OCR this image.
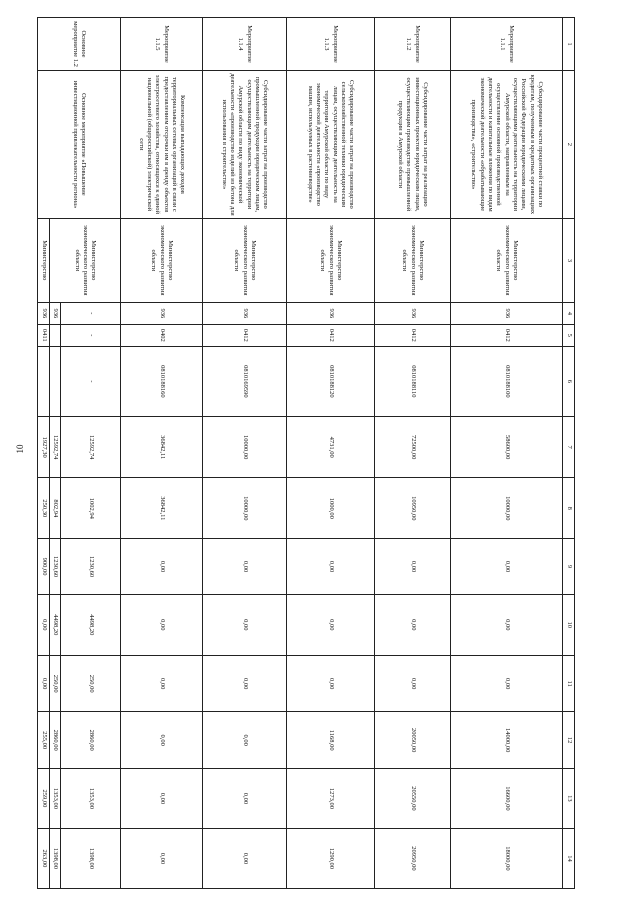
10
1	2	3	4	5	6	7	8	9	10	11	12	13	14
Мероприятие 1.1.1	Субсидирование части процентной ставки по кредитам, полученным в кредитных организациях Российской Федерации юридическими лицами, осуществляющими деятельность на территории Амурской области, направленным на осуществление основной производственной деятельности и капитальные вложения по видам экономической деятельности «обрабатывающие производства», «строительство»	Министерство экономического развития области	936	0412	0810188100	58600,00	10000,00	0,00	0,00	0,00	14000,00	16600,00	18000,00
Мероприятие 1.1.2	Субсидирование части затрат на реализацию инвестиционных проектов юридическим лицам, осуществляющим производство промышленной продукции в Амурской области	Министерство экономического развития области	936	0412	0810188110	72500,00	10950,00	0,00	0,00	0,00	20050,00	20550,00	20950,00
Мероприятие 1.1.3	Субсидирование части затрат на производство сельскохозяйственной техники юридическим лицам, осуществляющим деятельность на территории Амурской области по виду экономической деятельности «производство машин, используемых в растениеводстве»	Министерство экономического развития области	936	0412	0810188120	4731,00	1000,00	0,00	0,00	0,00	1168,00	1273,00	1290,00
Мероприятие 1.1.4	Субсидирование части затрат на производство промышленной продукции юридическим лицам, осуществляющим деятельность на территории Амурской области по виду экономической деятельности «производство изделий из бетона для использования в строительстве»	Министерство экономического развития области	936	0412	0810169590	10000,00	10000,00	0,00	0,00	0,00	0,00	0,00	0,00
Мероприятие 1.1.5	Компенсация выпадающих доходов территориальных сетевых организаций в связи с предоставлением отсрочки им в аренду объектов электросетевого хозяйства, относящихся к единой национальной (общероссийской) электрической сети	Министерство экономического развития области	936	0402	0810188160	36842,11	36842,11	0,00	0,00	0,00	0,00	0,00	0,00
Основное мероприятие 1.2	Основное мероприятие «Повышение инвестиционной привлекательности региона»	Министерство экономического развития области	-	-	-	12592,74	1002,94	1230,60	4498,20	250,00	2860,00	1353,00	1398,00
			936			12592,74	802,94	1230,60	4498,20	250,00	2860,00	1353,00	1398,00
		Министерство	936	0411		1927,30	250,30	900,00	0,00	0,00	255,00	259,00	263,00
